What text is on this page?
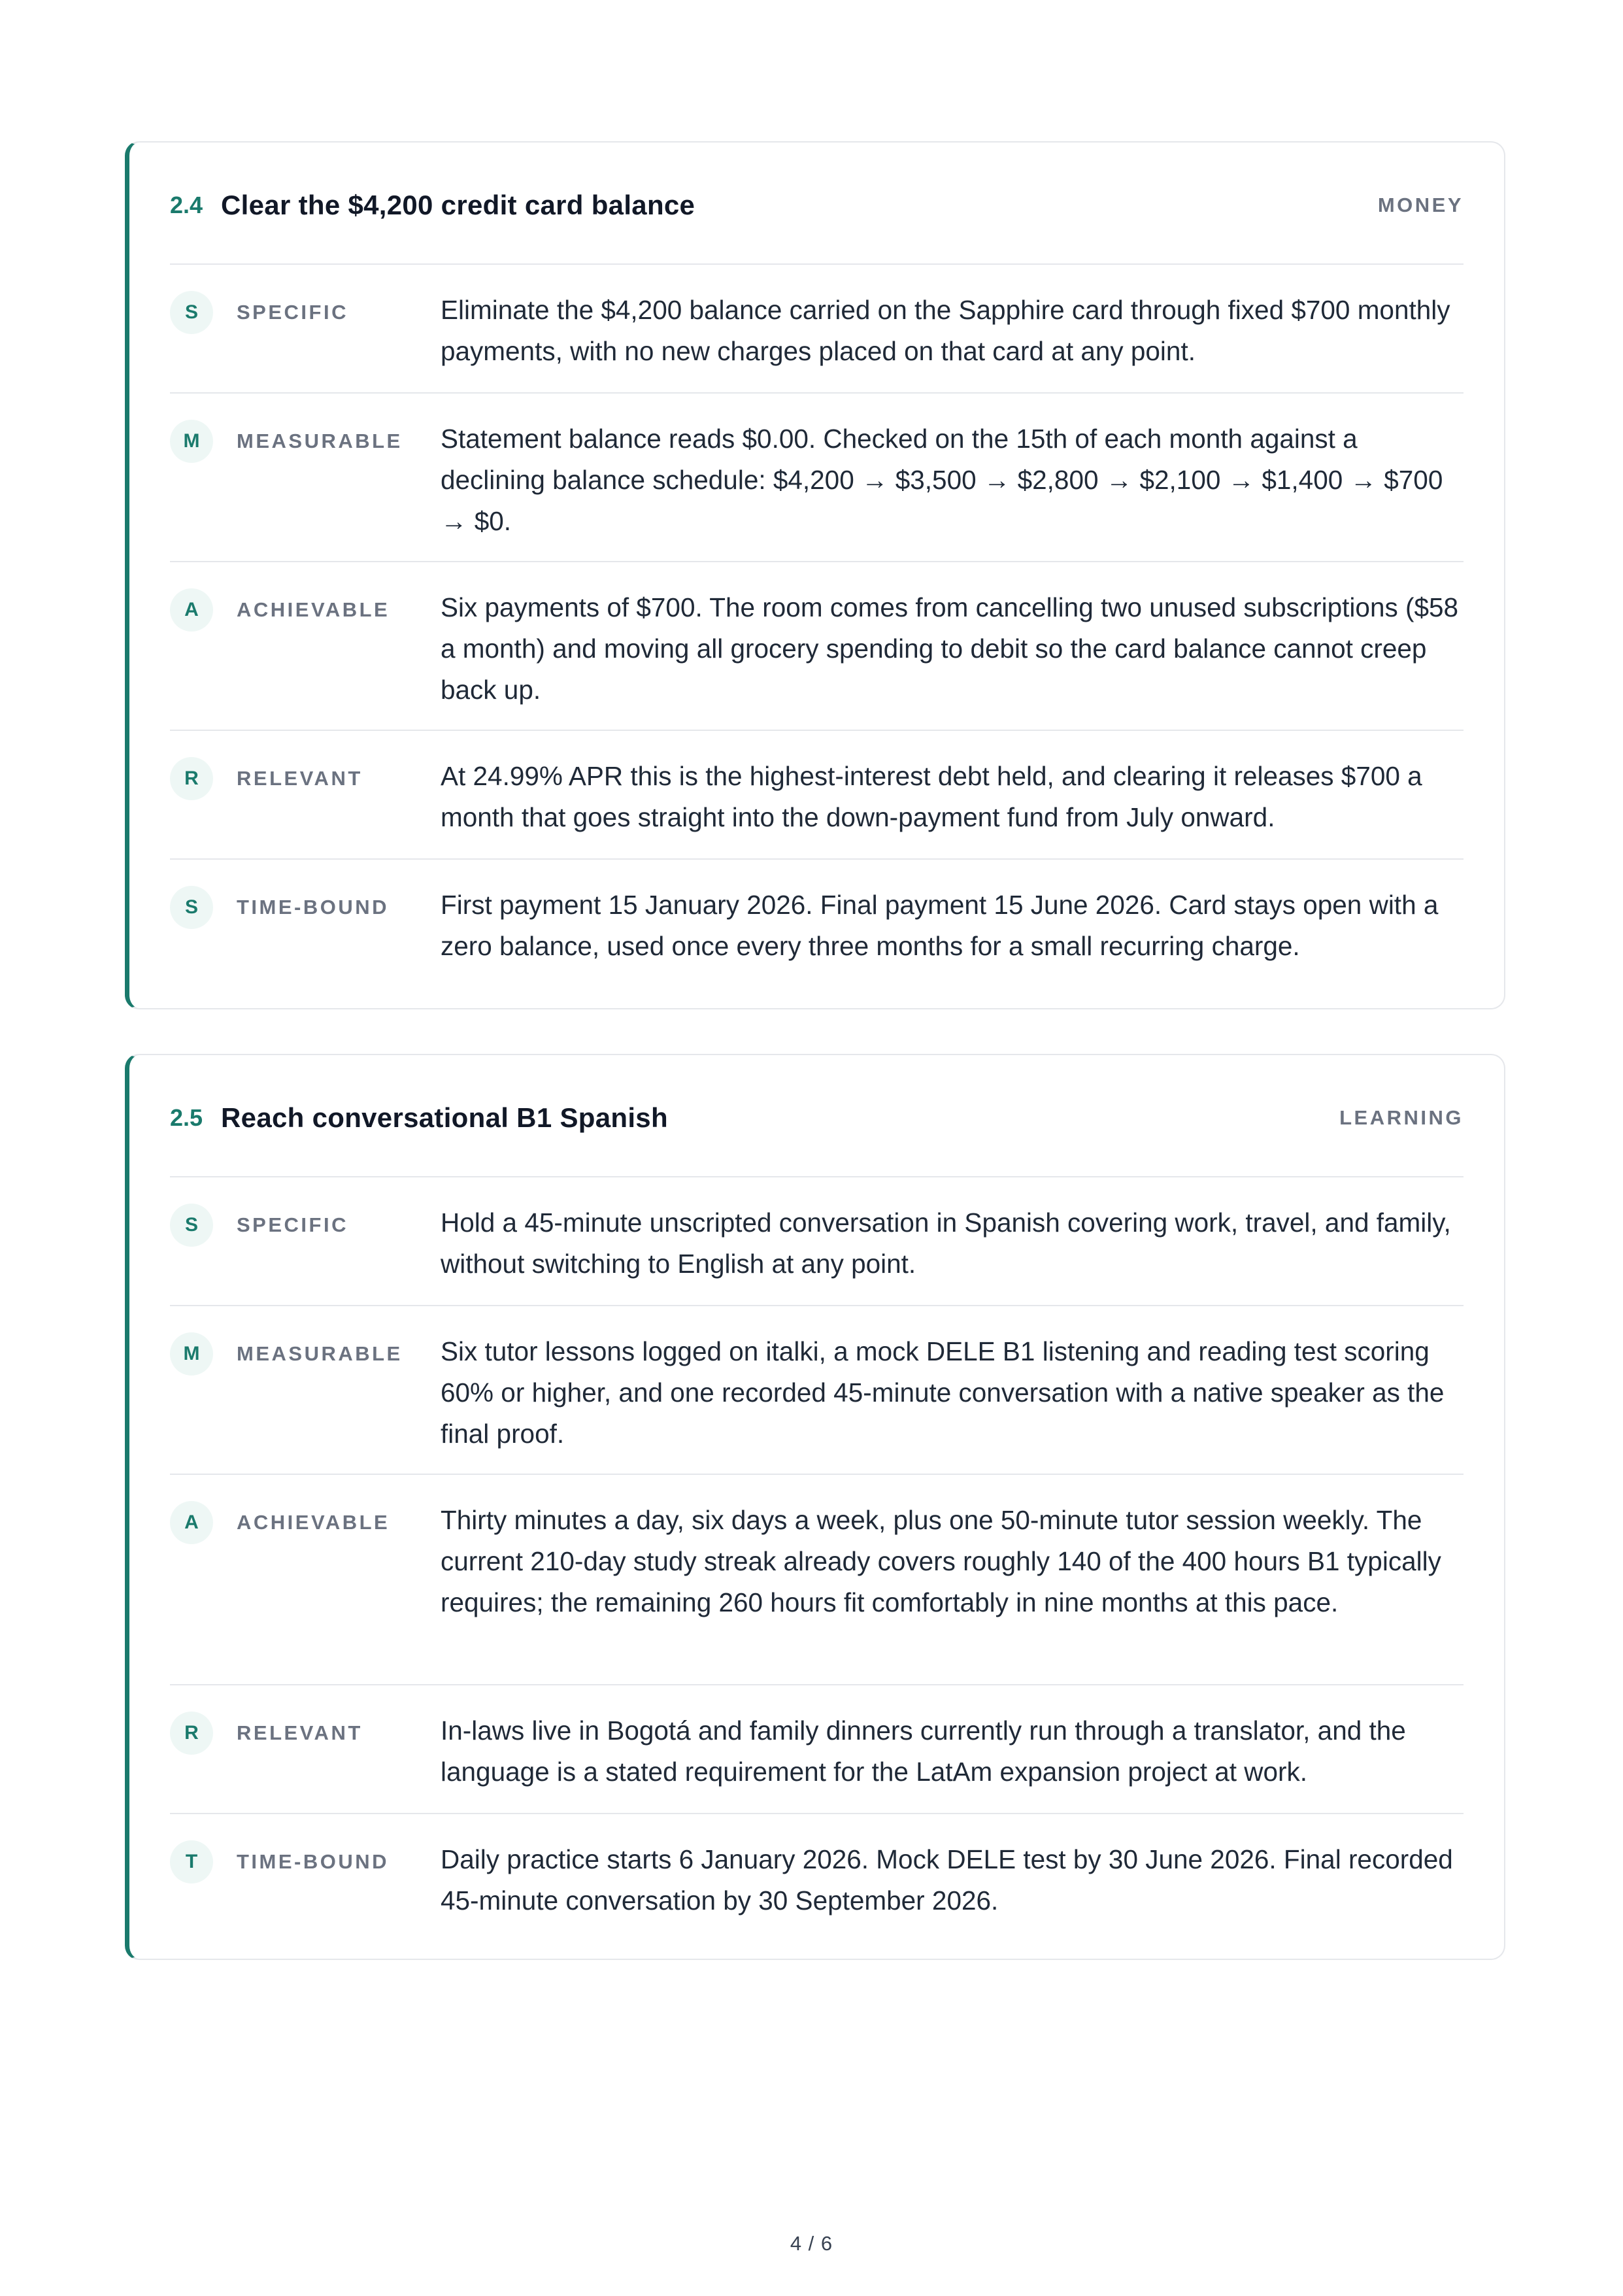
2.4 Clear the $4,200 credit card balance	MONEY
S	SPECIFIC	Eliminate the $4,200 balance carried on the Sapphire card through fixed $700 monthly payments, with no new charges placed on that card at any point.
M	MEASURABLE Statement balance reads $0.00. Checked on the 15th of each month against a declining balance schedule: $4,200 → $3,500 → $2,800 → $2,100 → $1,400 → $700 → $0.
A	ACHIEVABLE	Six payments of $700. The room comes from cancelling two unused subscriptions ($58 a month) and moving all grocery spending to debit so the card balance cannot creep back up.
R	RELEVANT	At 24.99% APR this is the highest-interest debt held, and clearing it releases $700 a month that goes straight into the down-payment fund from July onward.
S	TIME-BOUND	First payment 15 January 2026. Final payment 15 June 2026. Card stays open with a zero balance, used once every three months for a small recurring charge.
2.5 Reach conversational B1 Spanish	LEARNING
S	SPECIFIC	Hold a 45-minute unscripted conversation in Spanish covering work, travel, and family, without switching to English at any point.
M	MEASURABLE Six tutor lessons logged on italki, a mock DELE B1 listening and reading test scoring 60% or higher, and one recorded 45-minute conversation with a native speaker as the final proof.
A	ACHIEVABLE	Thirty minutes a day, six days a week, plus one 50-minute tutor session weekly. The current 210-day study streak already covers roughly 140 of the 400 hours B1 typically requires; the remaining 260 hours fit comfortably in nine months at this pace.
R	RELEVANT	In-laws live in Bogotá and family dinners currently run through a translator, and the language is a stated requirement for the LatAm expansion project at work.
T	TIME-BOUND	Daily practice starts 6 January 2026. Mock DELE test by 30 June 2026. Final recorded 45-minute conversation by 30 September 2026.
4 / 6
